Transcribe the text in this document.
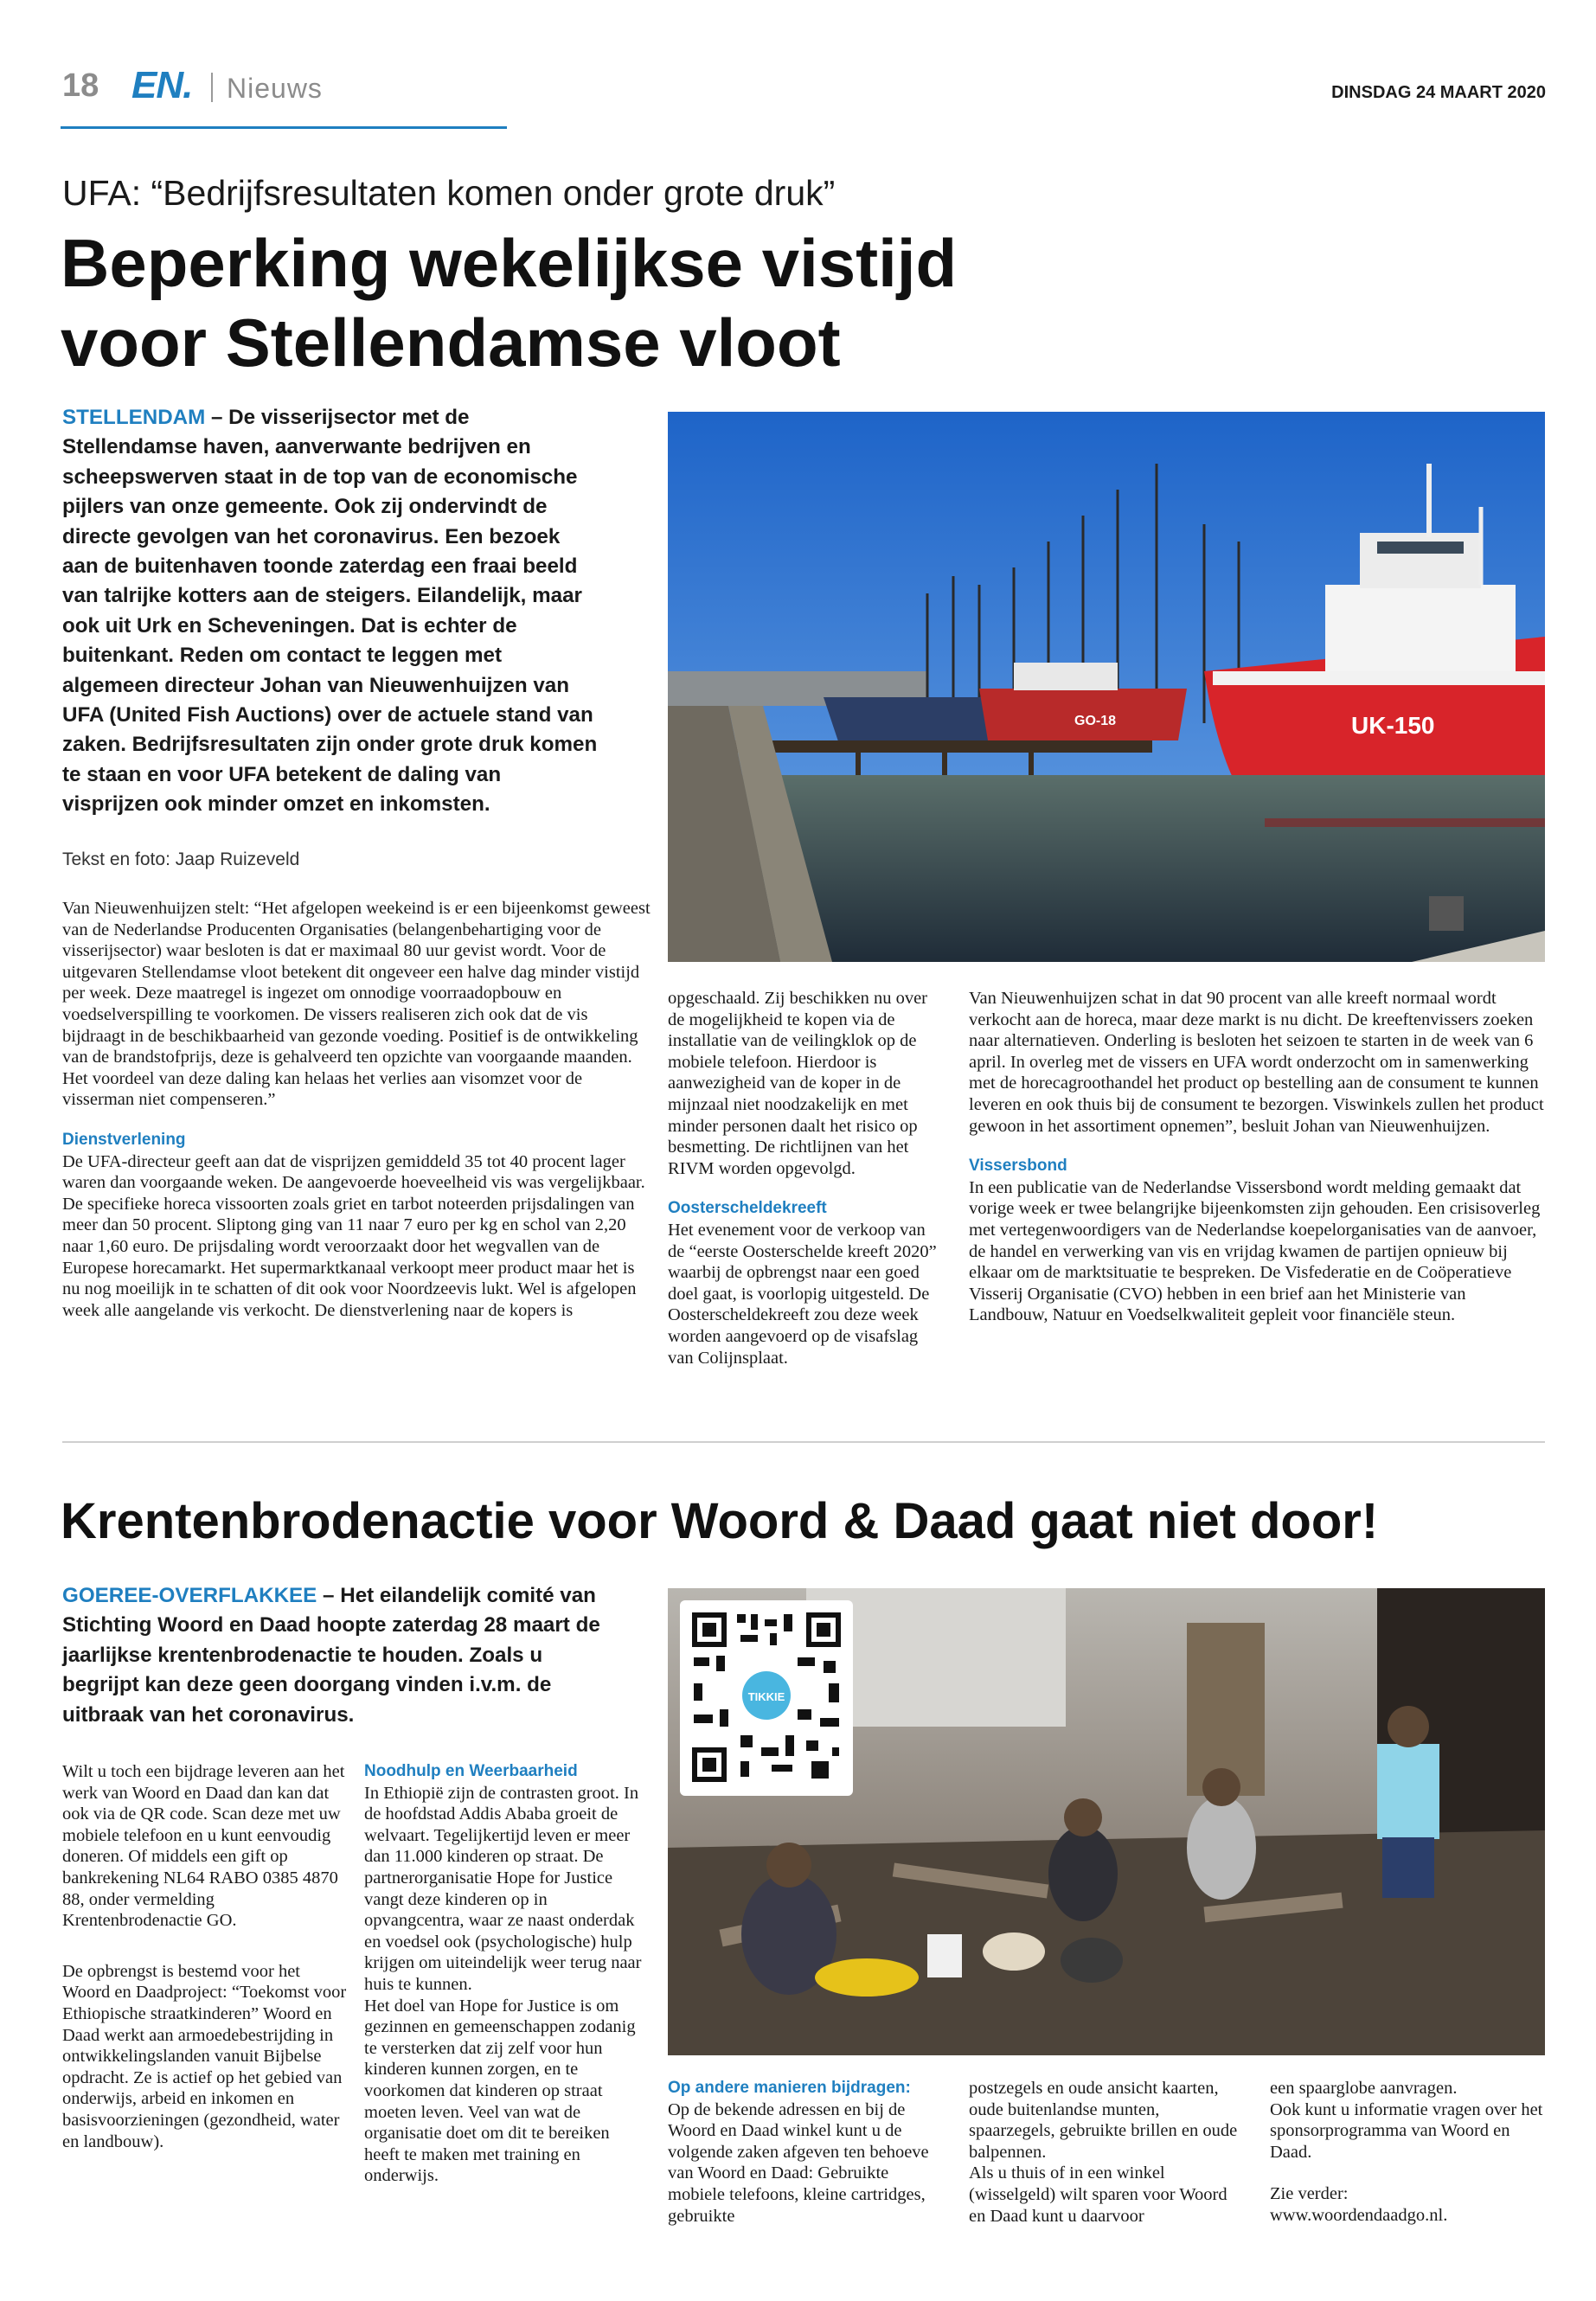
18 EN. Nieuws	DINSDAG 24 MAART 2020
UFA: “Bedrijfsresultaten komen onder grote druk”
Beperking wekelijkse vistijd
voor Stellendamse vloot
STELLENDAM – De visserijsector met de Stellendamse haven, aanverwante bedrijven en scheepswerven staat in de top van de economische pijlers van onze gemeente. Ook zij ondervindt de directe gevolgen van het coronavirus. Een bezoek aan de buitenhaven toonde zaterdag een fraai beeld van talrijke kotters aan de steigers. Eilandelijk, maar ook uit Urk en Scheveningen. Dat is echter de buitenkant. Reden om contact te leggen met algemeen directeur Johan van Nieuwenhuijzen van UFA (United Fish Auctions) over de actuele stand van zaken. Bedrijfsresultaten zijn onder grote druk komen te staan en voor UFA betekent de daling van visprijzen ook minder omzet en inkomsten.
Tekst en foto: Jaap Ruizeveld
UK-150
GO-18

Van Nieuwenhuijzen stelt: “Het afgelopen weekeind is er een bijeenkomst geweest van de Nederlandse Producenten Organisaties (belangenbehartiging voor de visserijsector) waar besloten is dat er maximaal 80 uur gevist wordt. Voor de uitgevaren Stellendamse vloot betekent dit ongeveer een halve dag minder vistijd per week. Deze maatregel is ingezet om onnodige voorraadopbouw en voedselverspilling te voorkomen. De vissers realiseren zich ook dat de vis bijdraagt in de beschikbaarheid van gezonde voeding. Positief is de ontwikkeling van de brandstofprijs, deze is gehalveerd ten opzichte van voorgaande maanden. Het voordeel van deze daling kan helaas het verlies aan visomzet voor de visserman niet compenseren.”

Dienstverlening

De UFA-directeur geeft aan dat de visprijzen gemiddeld 35 tot 40 procent lager waren dan voorgaande weken. De aangevoerde hoeveelheid vis was vergelijkbaar. De specifieke horeca vissoorten zoals griet en tarbot noteerden prijsdalingen van meer dan 50 procent. Sliptong ging van 11 naar 7 euro per kg en schol van 2,20 naar 1,60 euro. De prijsdaling wordt veroorzaakt door het wegvallen van de Europese horecamarkt. Het supermarktkanaal verkoopt meer product maar het is nu nog moeilijk in te schatten of dit ook voor Noordzeevis lukt. Wel is afgelopen week alle aangelande vis verkocht. De dienstverlening naar de kopers is

opgeschaald. Zij beschikken nu over de mogelijkheid te kopen via de installatie van de veilingklok op de mobiele telefoon. Hierdoor is aanwezigheid van de koper in de mijnzaal niet noodzakelijk en met minder personen daalt het risico op besmetting. De richtlijnen van het RIVM worden opgevolgd.

Oosterscheldekreeft

Het evenement voor de verkoop van de “eerste Oosterschelde kreeft 2020” waarbij de opbrengst naar een goed doel gaat, is voorlopig uitgesteld. De Oosterscheldekreeft zou deze week worden aangevoerd op de visafslag van Colijnsplaat.

Van Nieuwenhuijzen schat in dat 90 procent van alle kreeft normaal wordt verkocht aan de horeca, maar deze markt is nu dicht. De kreeftenvissers zoeken naar alternatieven. Onderling is besloten het seizoen te starten in de week van 6 april. In overleg met de vissers en UFA wordt onderzocht om in samenwerking met de horecagroothandel het product op bestelling aan de consument te kunnen leveren en ook thuis bij de consument te bezorgen. Viswinkels zullen het product gewoon in het assortiment opnemen”, besluit Johan van Nieuwenhuijzen.

Vissersbond

In een publicatie van de Nederlandse Vissersbond wordt melding gemaakt dat vorige week er twee belangrijke bijeenkomsten zijn gehouden. Een crisisoverleg met vertegenwoordigers van de Nederlandse koepelorganisaties van de aanvoer, de handel en verwerking van vis en vrijdag kwamen de partijen opnieuw bij elkaar om de marktsituatie te bespreken. De Visfederatie en de Coöperatieve Visserij Organisatie (CVO) hebben in een brief aan het Ministerie van Landbouw, Natuur en Voedselkwaliteit gepleit voor financiële steun.

Krentenbrodenactie voor Woord & Daad gaat niet door!
GOEREE-OVERFLAKKEE – Het eilandelijk comité van Stichting Woord en Daad hoopte zaterdag 28 maart de jaarlijkse krentenbrodenactie te houden. Zoals u begrijpt kan deze geen doorgang vinden i.v.m. de uitbraak van het coronavirus.
TIKKIE

Wilt u toch een bijdrage leveren aan het werk van Woord en Daad dan kan dat ook via de QR code. Scan deze met uw mobiele telefoon en u kunt eenvoudig doneren. Of middels een gift op bankrekening NL64 RABO 0385 4870 88, onder vermelding Krentenbrodenactie GO.

De opbrengst is bestemd voor het Woord en Daadproject: “Toekomst voor Ethiopische straatkinderen” Woord en Daad werkt aan armoedebestrijding in ontwikkelingslanden vanuit Bijbelse opdracht. Ze is actief op het gebied van onderwijs, arbeid en inkomen en basisvoorzieningen (gezondheid, water en landbouw).

Noodhulp en Weerbaarheid

In Ethiopië zijn de contrasten groot. In de hoofdstad Addis Ababa groeit de welvaart. Tegelijkertijd leven er meer dan 11.000 kinderen op straat. De partnerorganisatie Hope for Justice vangt deze kinderen op in opvangcentra, waar ze naast onderdak en voedsel ook (psychologische) hulp krijgen om uiteindelijk weer terug naar huis te kunnen.

Het doel van Hope for Justice is om gezinnen en gemeenschappen zodanig te versterken dat zij zelf voor hun kinderen kunnen zorgen, en te voorkomen dat kinderen op straat moeten leven. Veel van wat de organisatie doet om dit te bereiken heeft te maken met training en onderwijs.

Op andere manieren bijdragen:

Op de bekende adressen en bij de Woord en Daad winkel kunt u de volgende zaken afgeven ten behoeve van Woord en Daad: Gebruikte mobiele telefoons, kleine cartridges, gebruikte

postzegels en oude ansicht kaarten, oude buitenlandse munten, spaarzegels, gebruikte brillen en oude balpennen.

Als u thuis of in een winkel (wisselgeld) wilt sparen voor Woord en Daad kunt u daarvoor

een spaarglobe aanvragen.

Ook kunt u informatie vragen over het sponsorprogramma van Woord en Daad.

Zie verder:

www.woordendaadgo.nl.
